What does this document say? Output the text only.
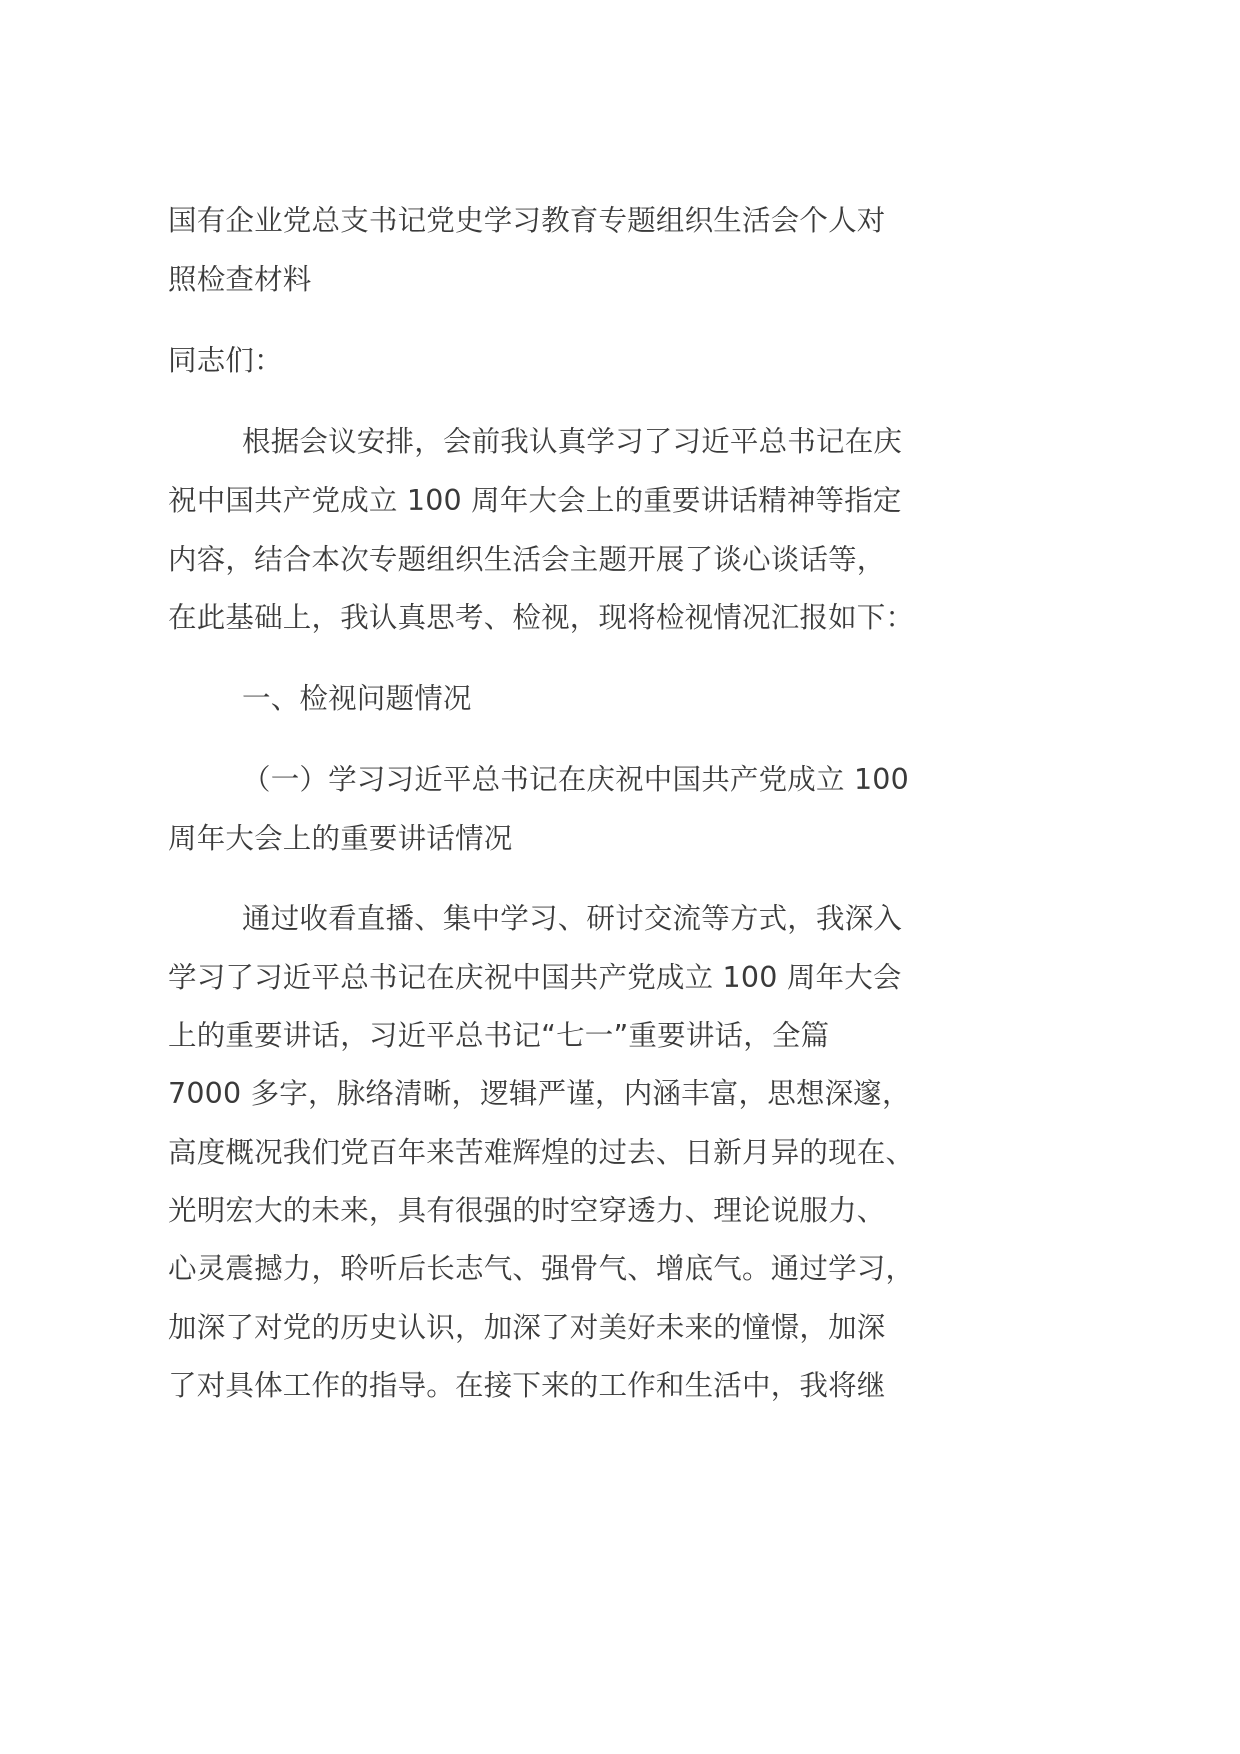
国有企业党总支书记党史学习教育专题组织生活会个人对
照检查材料
同志们：
根据会议安排，会前我认真学习了习近平总书记在庆
祝中国共产党成立 100 周年大会上的重要讲话精神等指定
内容，结合本次专题组织生活会主题开展了谈心谈话等，
在此基础上，我认真思考、检视，现将检视情况汇报如下：
一、检视问题情况
（一）学习习近平总书记在庆祝中国共产党成立 100
周年大会上的重要讲话情况
通过收看直播、集中学习、研讨交流等方式，我深入
学习了习近平总书记在庆祝中国共产党成立 100 周年大会
上的重要讲话，习近平总书记“七一”重要讲话，全篇
7000 多字，脉络清晰，逻辑严谨，内涵丰富，思想深邃，
高度概况我们党百年来苦难辉煌的过去、日新月异的现在、
光明宏大的未来，具有很强的时空穿透力、理论说服力、
心灵震撼力，聆听后长志气、强骨气、增底气。通过学习，
加深了对党的历史认识，加深了对美好未来的憧憬，加深
了对具体工作的指导。在接下来的工作和生活中，我将继
